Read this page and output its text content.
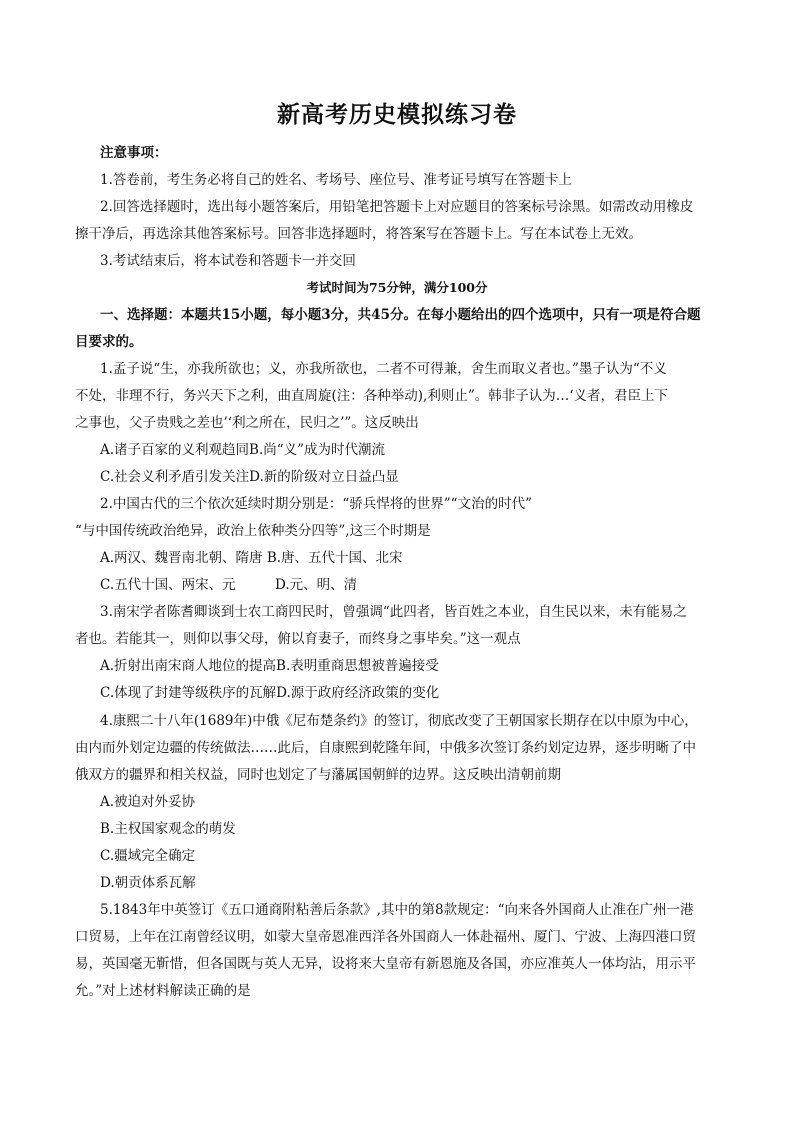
新高考历史模拟练习卷
注意事项：
1.答卷前，考生务必将自己的姓名、考场号、座位号、准考证号填写在答题卡上
2.回答选择题时，选出每小题答案后，用铅笔把答题卡上对应题目的答案标号涂黑。如需改动用橡皮
擦干净后，再选涂其他答案标号。回答非选择题时，将答案写在答题卡上。写在本试卷上无效。
3.考试结束后，将本试卷和答题卡一并交回
考试时间为75分钟，满分100分
一、选择题：本题共15小题，每小题3分，共45分。在每小题给出的四个选项中，只有一项是符合题
目要求的。
1.孟子说“生，亦我所欲也；义，亦我所欲也，二者不可得兼，舍生而取义者也。”墨子认为“不义
不处，非理不行，务兴天下之利，曲直周旋(注：各种举动),利则止”。韩非子认为…‘义者，君臣上下
之事也，父子贵贱之差也’‘利之所在，民归之’”。这反映出
A.诸子百家的义利观趋同B.尚“义”成为时代潮流
C.社会义利矛盾引发关注D.新的阶级对立日益凸显
2.中国古代的三个依次延续时期分别是：“骄兵悍将的世界”“文治的时代”
“与中国传统政治绝异，政治上依种类分四等”,这三个时期是
A.两汉、魏晋南北朝、隋唐 B.唐、五代十国、北宋
C.五代十国、两宋、元	D.元、明、清
3.南宋学者陈耆卿谈到士农工商四民时，曾强调“此四者，皆百姓之本业，自生民以来，未有能易之
者也。若能其一，则仰以事父母，俯以育妻子，而终身之事毕矣。”这一观点
A.折射出南宋商人地位的提高B.表明重商思想被普遍接受
C.体现了封建等级秩序的瓦解D.源于政府经济政策的变化
4.康熙二十八年(1689年)中俄《尼布楚条约》的签订，彻底改变了王朝国家长期存在以中原为中心，
由内而外划定边疆的传统做法……此后，自康熙到乾隆年间，中俄多次签订条约划定边界，逐步明晰了中
俄双方的疆界和相关权益，同时也划定了与藩属国朝鲜的边界。这反映出清朝前期
A.被迫对外妥协
B.主权国家观念的萌发
C.疆域完全确定
D.朝贡体系瓦解
5.1843年中英签订《五口通商附粘善后条款》,其中的第8款规定：“向来各外国商人止准在广州一港
口贸易，上年在江南曾经议明，如蒙大皇帝恩准西洋各外国商人一体赴福州、厦门、宁波、上海四港口贸
易，英国毫无靳惜，但各国既与英人无异，设将来大皇帝有新恩施及各国，亦应准英人一体均沾，用示平
允。”对上述材料解读正确的是
